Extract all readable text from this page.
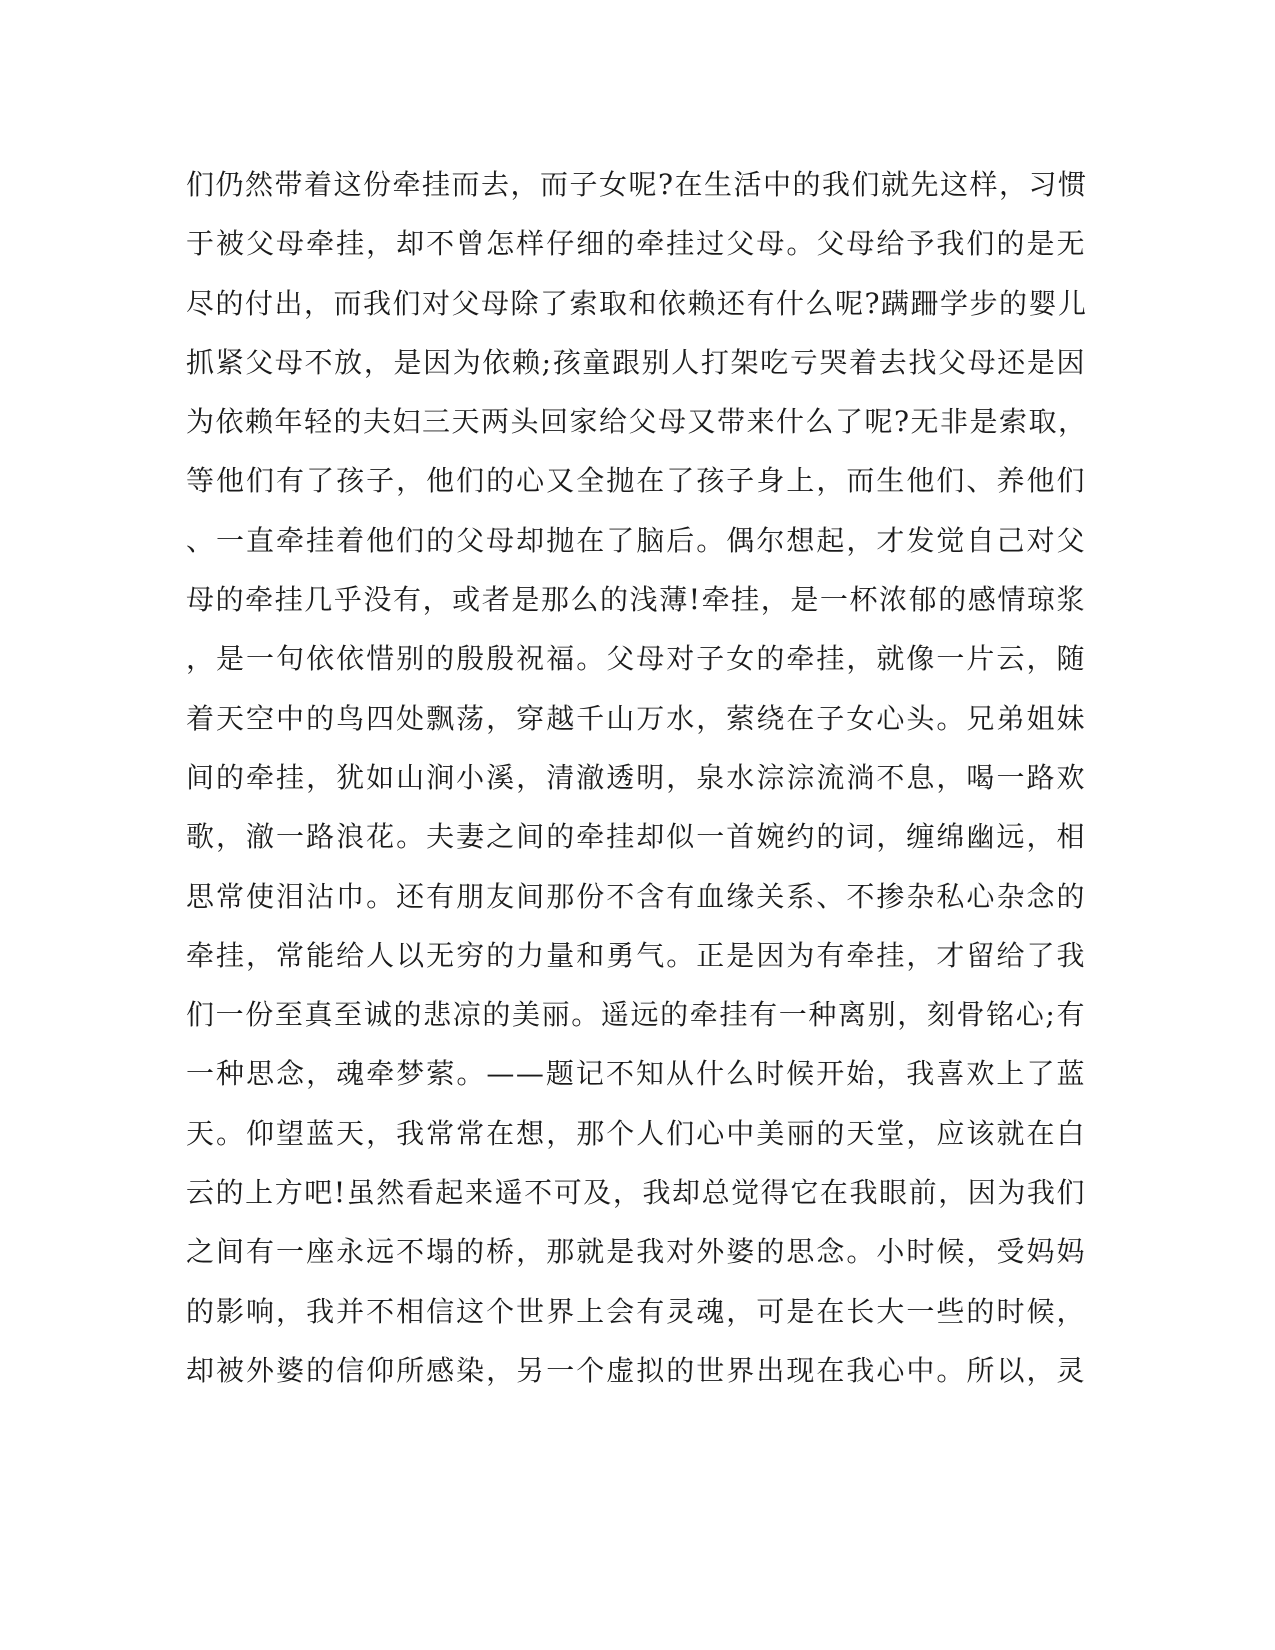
们仍然带着这份牵挂而去，而子女呢?在生活中的我们就先这样，习惯
于被父母牵挂，却不曾怎样仔细的牵挂过父母。父母给予我们的是无
尽的付出，而我们对父母除了索取和依赖还有什么呢?蹒跚学步的婴儿
抓紧父母不放，是因为依赖;孩童跟别人打架吃亏哭着去找父母还是因
为依赖年轻的夫妇三天两头回家给父母又带来什么了呢?无非是索取，
等他们有了孩子，他们的心又全抛在了孩子身上，而生他们、养他们
、一直牵挂着他们的父母却抛在了脑后。偶尔想起，才发觉自己对父
母的牵挂几乎没有，或者是那么的浅薄!牵挂，是一杯浓郁的感情琼浆
，是一句依依惜别的殷殷祝福。父母对子女的牵挂，就像一片云，随
着天空中的鸟四处飘荡，穿越千山万水，萦绕在子女心头。兄弟姐妹
间的牵挂，犹如山涧小溪，清澈透明，泉水淙淙流淌不息，喝一路欢
歌，澈一路浪花。夫妻之间的牵挂却似一首婉约的词，缠绵幽远，相
思常使泪沾巾。还有朋友间那份不含有血缘关系、不掺杂私心杂念的
牵挂，常能给人以无穷的力量和勇气。正是因为有牵挂，才留给了我
们一份至真至诚的悲凉的美丽。遥远的牵挂有一种离别，刻骨铭心;有
一种思念，魂牵梦萦。——题记不知从什么时候开始，我喜欢上了蓝
天。仰望蓝天，我常常在想，那个人们心中美丽的天堂，应该就在白
云的上方吧!虽然看起来遥不可及，我却总觉得它在我眼前，因为我们
之间有一座永远不塌的桥，那就是我对外婆的思念。小时候，受妈妈
的影响，我并不相信这个世界上会有灵魂，可是在长大一些的时候，
却被外婆的信仰所感染，另一个虚拟的世界出现在我心中。所以，灵
